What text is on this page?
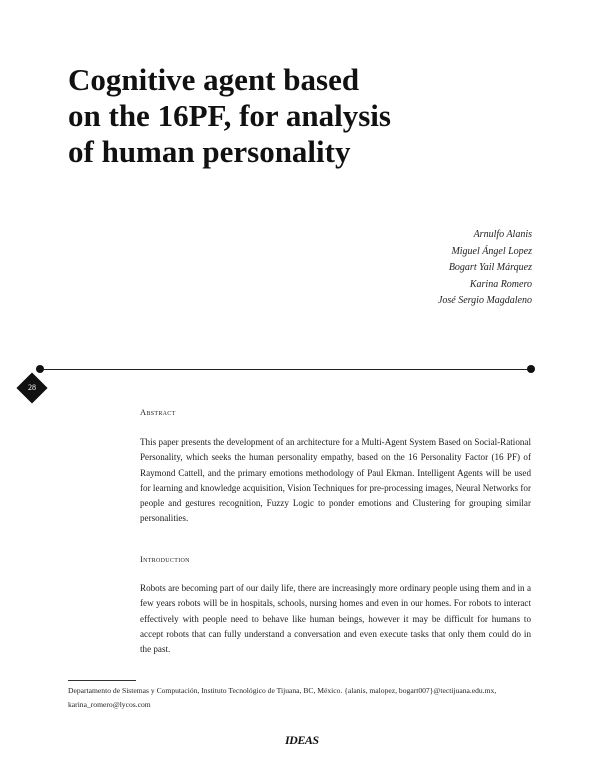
Cognitive agent based
on the 16PF, for analysis
of human personality
Arnulfo Alanis
Miguel Ángel Lopez
Bogart Yail Márquez
Karina Romero
José Sergio Magdaleno
28
Abstract

This paper presents the development of an architecture for a Multi-Agent System Based on Social-Rational Personality, which seeks the human personality empathy, based on the 16 Personality Factor (16 PF) of Raymond Cattell, and the primary emotions methodology of Paul Ekman. Intelligent Agents will be used for learning and knowledge acquisition, Vision Techniques for pre-processing images, Neural Networks for people and gestures recognition, Fuzzy Logic to ponder emotions and Clustering for grouping similar personalities.

Introduction

Robots are becoming part of our daily life, there are increasingly more ordinary people using them and in a few years robots will be in hospitals, schools, nursing homes and even in our homes. For robots to interact effectively with people need to behave like human beings, however it may be difficult for humans to accept robots that can fully understand a conversation and even execute tasks that only them could do in the past.

Departamento de Sistemas y Computación, Instituto Tecnológico de Tijuana, BC, México. {alanis, malopez, bogart007}@tectijuana.edu.mx, karina_romero@lycos.com

IDEAS
